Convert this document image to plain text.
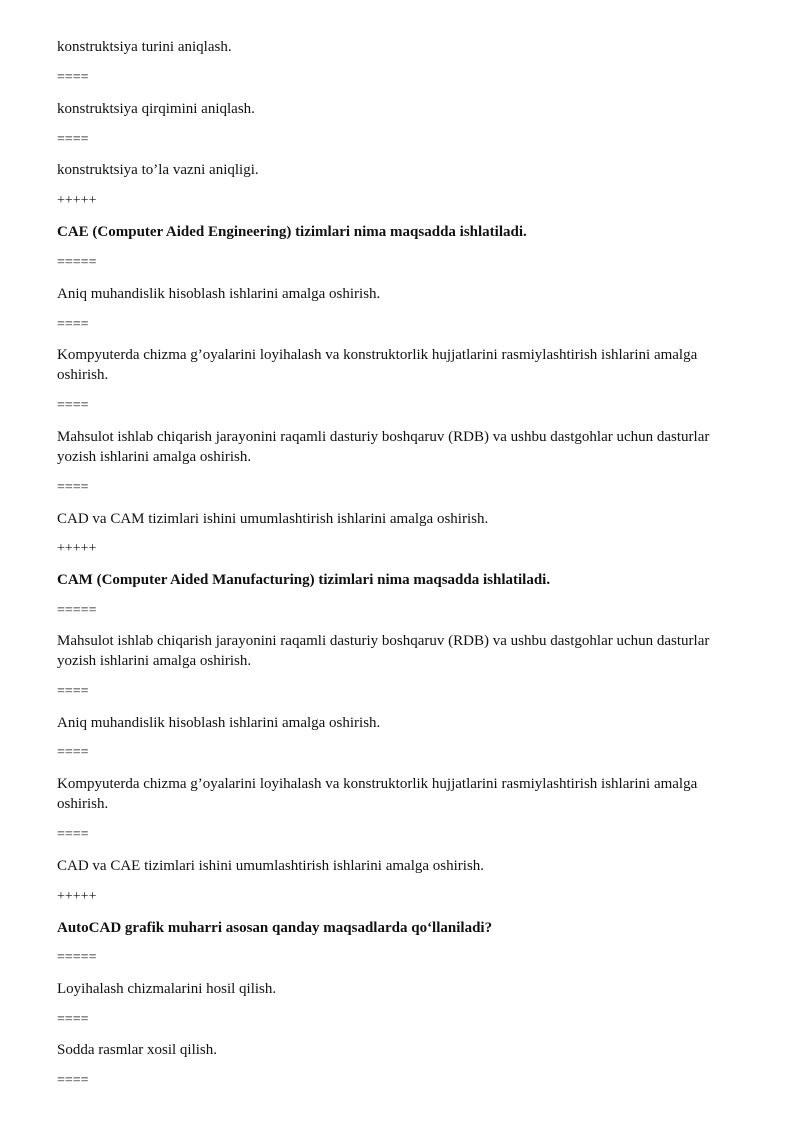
konstruktsiya turini aniqlash.
====
konstruktsiya qirqimini aniqlash.
====
konstruktsiya to’la vazni aniqligi.
+++++
CAE (Computer Aided Engineering) tizimlari nima maqsadda ishlatiladi.
=====
Aniq muhandislik hisoblash ishlarini amalga oshirish.
====
Kompyuterda chizma g’oyalarini loyihalash va konstruktorlik hujjatlarini rasmiylashtirish ishlarini amalga oshirish.
====
Mahsulot ishlab chiqarish jarayonini raqamli dasturiy boshqaruv (RDB) va ushbu dastgohlar uchun dasturlar yozish ishlarini amalga oshirish.
====
CAD va CAM tizimlari ishini umumlashtirish ishlarini amalga oshirish.
+++++
CAM (Computer Aided Manufacturing) tizimlari nima maqsadda ishlatiladi.
=====
Mahsulot ishlab chiqarish jarayonini raqamli dasturiy boshqaruv (RDB) va ushbu dastgohlar uchun dasturlar yozish ishlarini amalga oshirish.
====
Aniq muhandislik hisoblash ishlarini amalga oshirish.
====
Kompyuterda chizma g’oyalarini loyihalash va konstruktorlik hujjatlarini rasmiylashtirish ishlarini amalga oshirish.
====
CAD va CAE tizimlari ishini umumlashtirish ishlarini amalga oshirish.
+++++
AutoCAD grafik muharri asosan qanday maqsadlarda qo‘llaniladi?
=====
Loyihalash chizmalarini hosil qilish.
====
Sodda rasmlar xosil qilish.
====
